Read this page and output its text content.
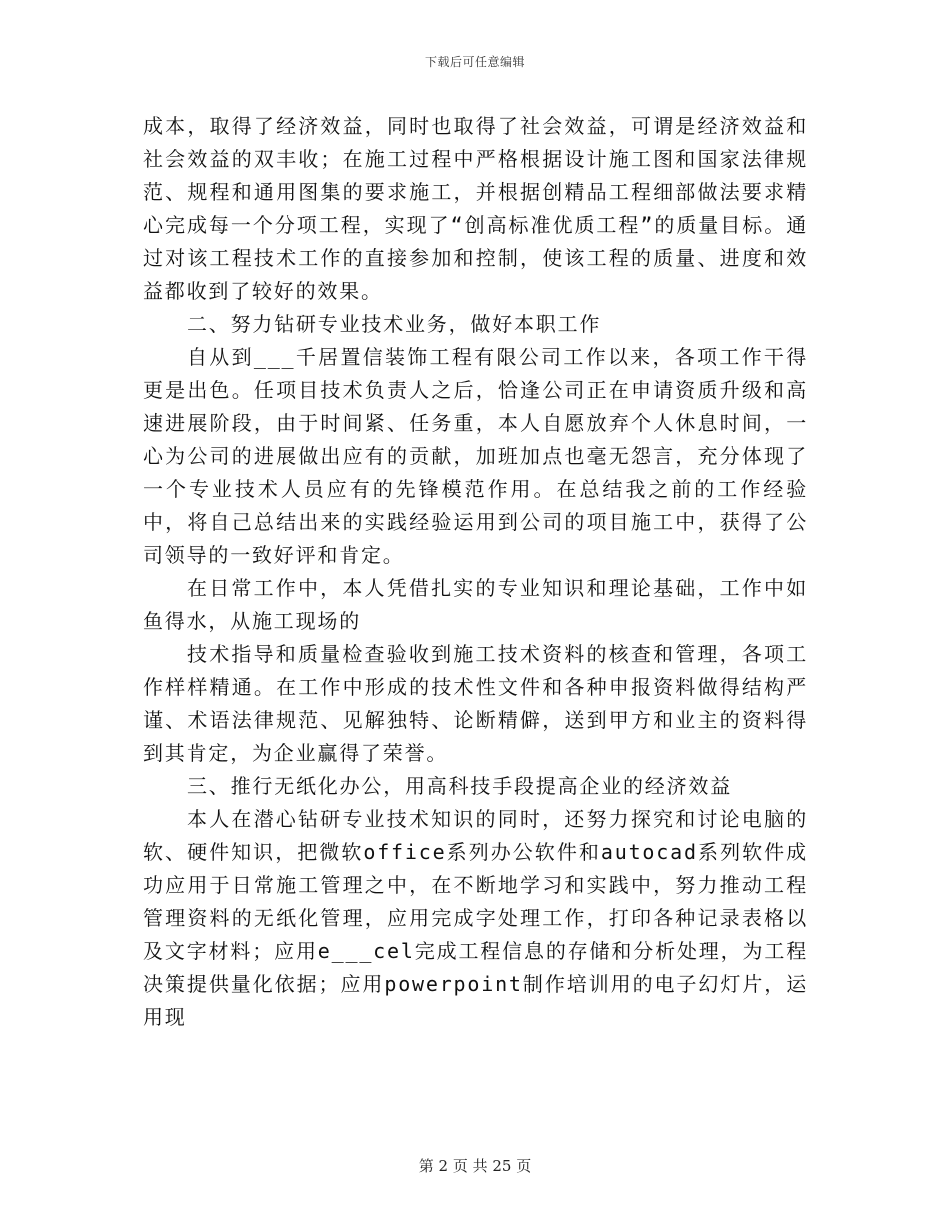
下载后可任意编辑

成本，取得了经济效益，同时也取得了社会效益，可谓是经济效益和社会效益的双丰收；在施工过程中严格根据设计施工图和国家法律规范、规程和通用图集的要求施工，并根据创精品工程细部做法要求精心完成每一个分项工程，实现了“创高标准优质工程”的质量目标。通过对该工程技术工作的直接参加和控制，使该工程的质量、进度和效益都收到了较好的效果。

二、努力钻研专业技术业务，做好本职工作

自从到___千居置信装饰工程有限公司工作以来，各项工作干得更是出色。任项目技术负责人之后，恰逢公司正在申请资质升级和高速进展阶段，由于时间紧、任务重，本人自愿放弃个人休息时间，一心为公司的进展做出应有的贡献，加班加点也毫无怨言，充分体现了一个专业技术人员应有的先锋模范作用。在总结我之前的工作经验中，将自己总结出来的实践经验运用到公司的项目施工中，获得了公司领导的一致好评和肯定。

在日常工作中，本人凭借扎实的专业知识和理论基础，工作中如鱼得水，从施工现场的

技术指导和质量检查验收到施工技术资料的核查和管理，各项工作样样精通。在工作中形成的技术性文件和各种申报资料做得结构严谨、术语法律规范、见解独特、论断精僻，送到甲方和业主的资料得到其肯定，为企业赢得了荣誉。

三、推行无纸化办公，用高科技手段提高企业的经济效益

本人在潜心钻研专业技术知识的同时，还努力探究和讨论电脑的软、硬件知识，把微软office系列办公软件和autocad系列软件成功应用于日常施工管理之中，在不断地学习和实践中，努力推动工程管理资料的无纸化管理，应用完成字处理工作，打印各种记录表格以及文字材料；应用e___cel完成工程信息的存储和分析处理，为工程决策提供量化依据；应用powerpoint制作培训用的电子幻灯片，运用现

第 2 页 共 25 页
